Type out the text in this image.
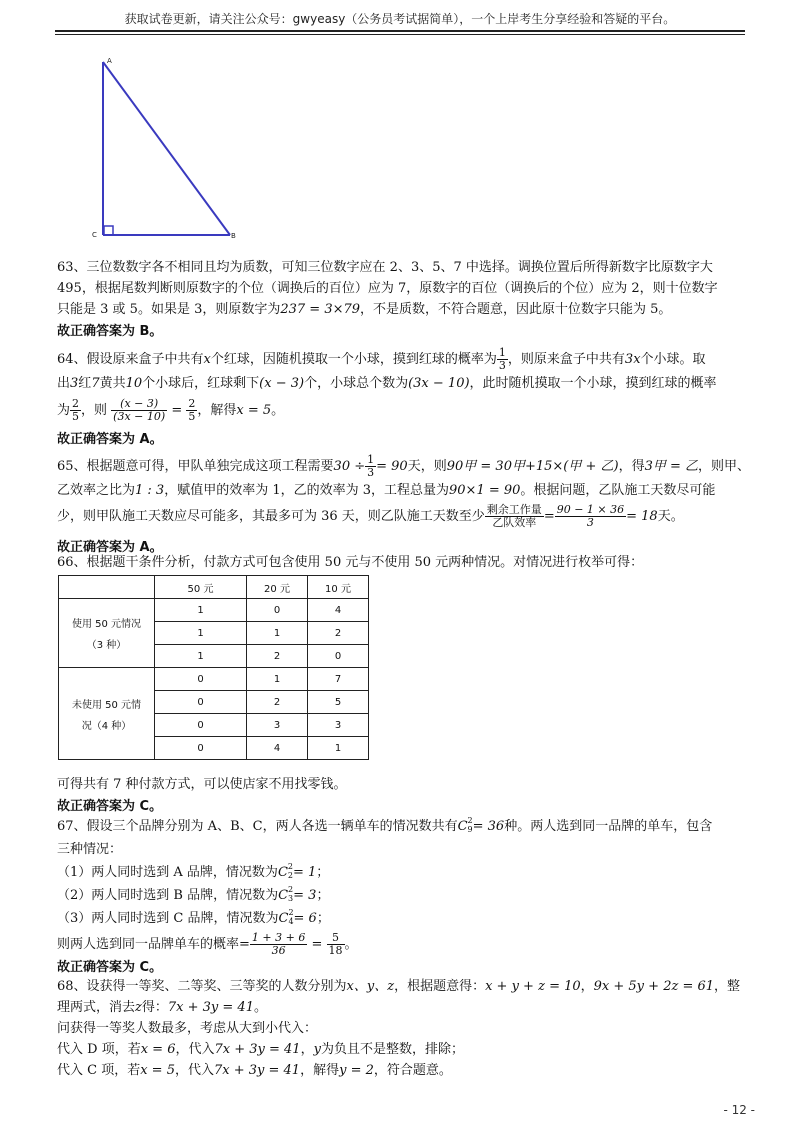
获取试卷更新，请关注公众号：gwyeasy（公务员考试据简单），一个上岸考生分享经验和答疑的平台。
A
B
C
63、三位数数字各不相同且均为质数，可知三位数字应在 2、3、5、7 中选择。调换位置后所得新数字比原数字大
495，根据尾数判断则原数字的个位（调换后的百位）应为 7，原数字的百位（调换后的个位）应为 2，则十位数字
只能是 3 或 5。如果是 3，则原数字为237 = 3×79，不是质数，不符合题意，因此原十位数字只能为 5。
故正确答案为 B。
64、假设原来盒子中共有x个红球，因随机摸取一个小球，摸到红球的概率为 $\frac{1}{3}$ ，则原来盒子中共有3x个小球。取
出3红7黄共10个小球后，红球剩下(x − 3)个，小球总个数为(3x − 10)，此时随机摸取一个小球，摸到红球的概率
为 $\frac{2}{5}$ ，则 $\frac{(x - 3)}{(3x - 10)} = \frac{2}{5}$ ，解得x = 5。
故正确答案为 A。
65、根据题意可得，甲队单独完成这项工程需要$30 \div \frac{1}{3} = 90$天，则90甲 = 30甲+15×(甲 + 乙)，得3甲 = 乙，则甲、
乙效率之比为1 : 3，赋值甲的效率为 1，乙的效率为 3，工程总量为90×1 = 90。根据问题，乙队施工天数尽可能
少，则甲队施工天数应尽可能多，其最多可为 36 天，则乙队施工天数至少 $\frac{\text{剩余工作量}}{\text{乙队效率}} = \frac{90 - 1 \times 36}{3} = 18$天。
故正确答案为 A。
66、根据题干条件分析，付款方式可包含使用 50 元与不使用 50 元两种情况。对情况进行枚举可得：
	50 元	20 元	10 元

使用 50 元情况
（3 种）	1	0	4
	1	1	2
	1	2	0

未使用 50 元情
况（4 种）	0	1	7
	0	2	5
	0	3	3
	0	4	1
可得共有 7 种付款方式，可以使店家不用找零钱。
故正确答案为 C。
67、假设三个品牌分别为 A、B、C，两人各选一辆单车的情况数共有C 2
9 = 36种。两人选到同一品牌的单车，包含
三种情况：
（1）两人同时选到 A 品牌，情况数为C 2
2 = 1；
（2）两人同时选到 B 品牌，情况数为C 2
3 = 3；
（3）两人同时选到 C 品牌，情况数为C 2
4 = 6；
则两人选到同一品牌单车的概率= $\frac{1 + 3 + 6}{36} = \frac{5}{18}$ 。
故正确答案为 C。
68、设获得一等奖、二等奖、三等奖的人数分别为x、y、z，根据题意得：x + y + z = 10，9x + 5y + 2z = 61，整
理两式，消去z得：7x + 3y = 41。
问获得一等奖人数最多，考虑从大到小代入：
代入 D 项，若x = 6，代入7x + 3y = 41，y为负且不是整数，排除；
代入 C 项，若x = 5，代入7x + 3y = 41，解得y = 2，符合题意。
- 12 -
